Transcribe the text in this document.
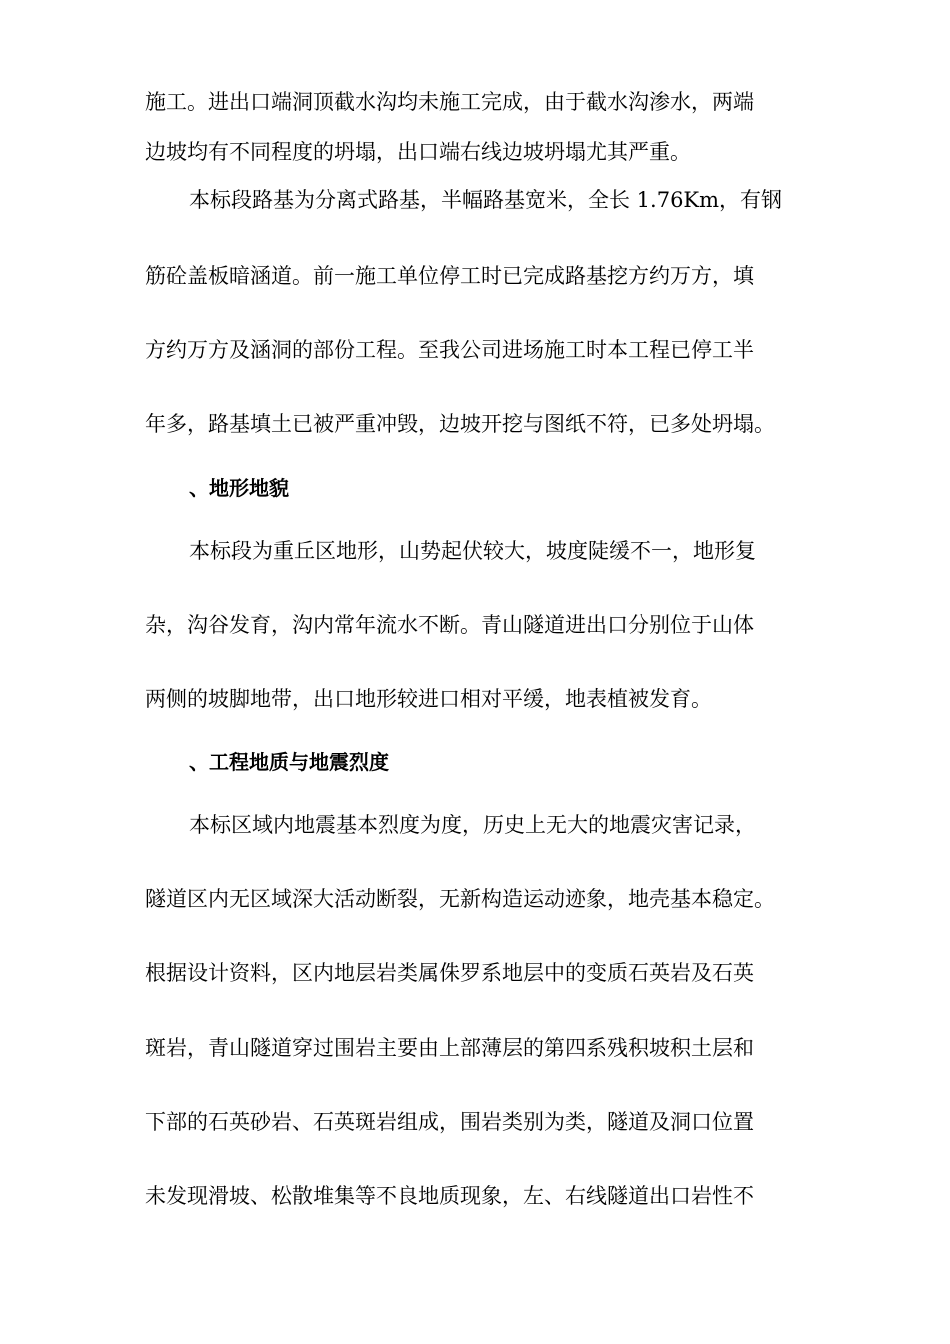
施工。进出口端洞顶截水沟均未施工完成，由于截水沟渗水，两端
边坡均有不同程度的坍塌，出口端右线边坡坍塌尤其严重。
本标段路基为分离式路基，半幅路基宽米，全长 1.76Km，有钢
筋砼盖板暗涵道。前一施工单位停工时已完成路基挖方约万方，填
方约万方及涵洞的部份工程。至我公司进场施工时本工程已停工半
年多，路基填土已被严重冲毁，边坡开挖与图纸不符，已多处坍塌。
、地形地貌
本标段为重丘区地形，山势起伏较大，坡度陡缓不一，地形复
杂，沟谷发育，沟内常年流水不断。青山隧道进出口分别位于山体
两侧的坡脚地带，出口地形较进口相对平缓，地表植被发育。
、工程地质与地震烈度
本标区域内地震基本烈度为度，历史上无大的地震灾害记录，
隧道区内无区域深大活动断裂，无新构造运动迹象，地壳基本稳定。
根据设计资料，区内地层岩类属侏罗系地层中的变质石英岩及石英
斑岩，青山隧道穿过围岩主要由上部薄层的第四系残积坡积土层和
下部的石英砂岩、石英斑岩组成，围岩类别为类，隧道及洞口位置
未发现滑坡、松散堆集等不良地质现象，左、右线隧道出口岩性不
